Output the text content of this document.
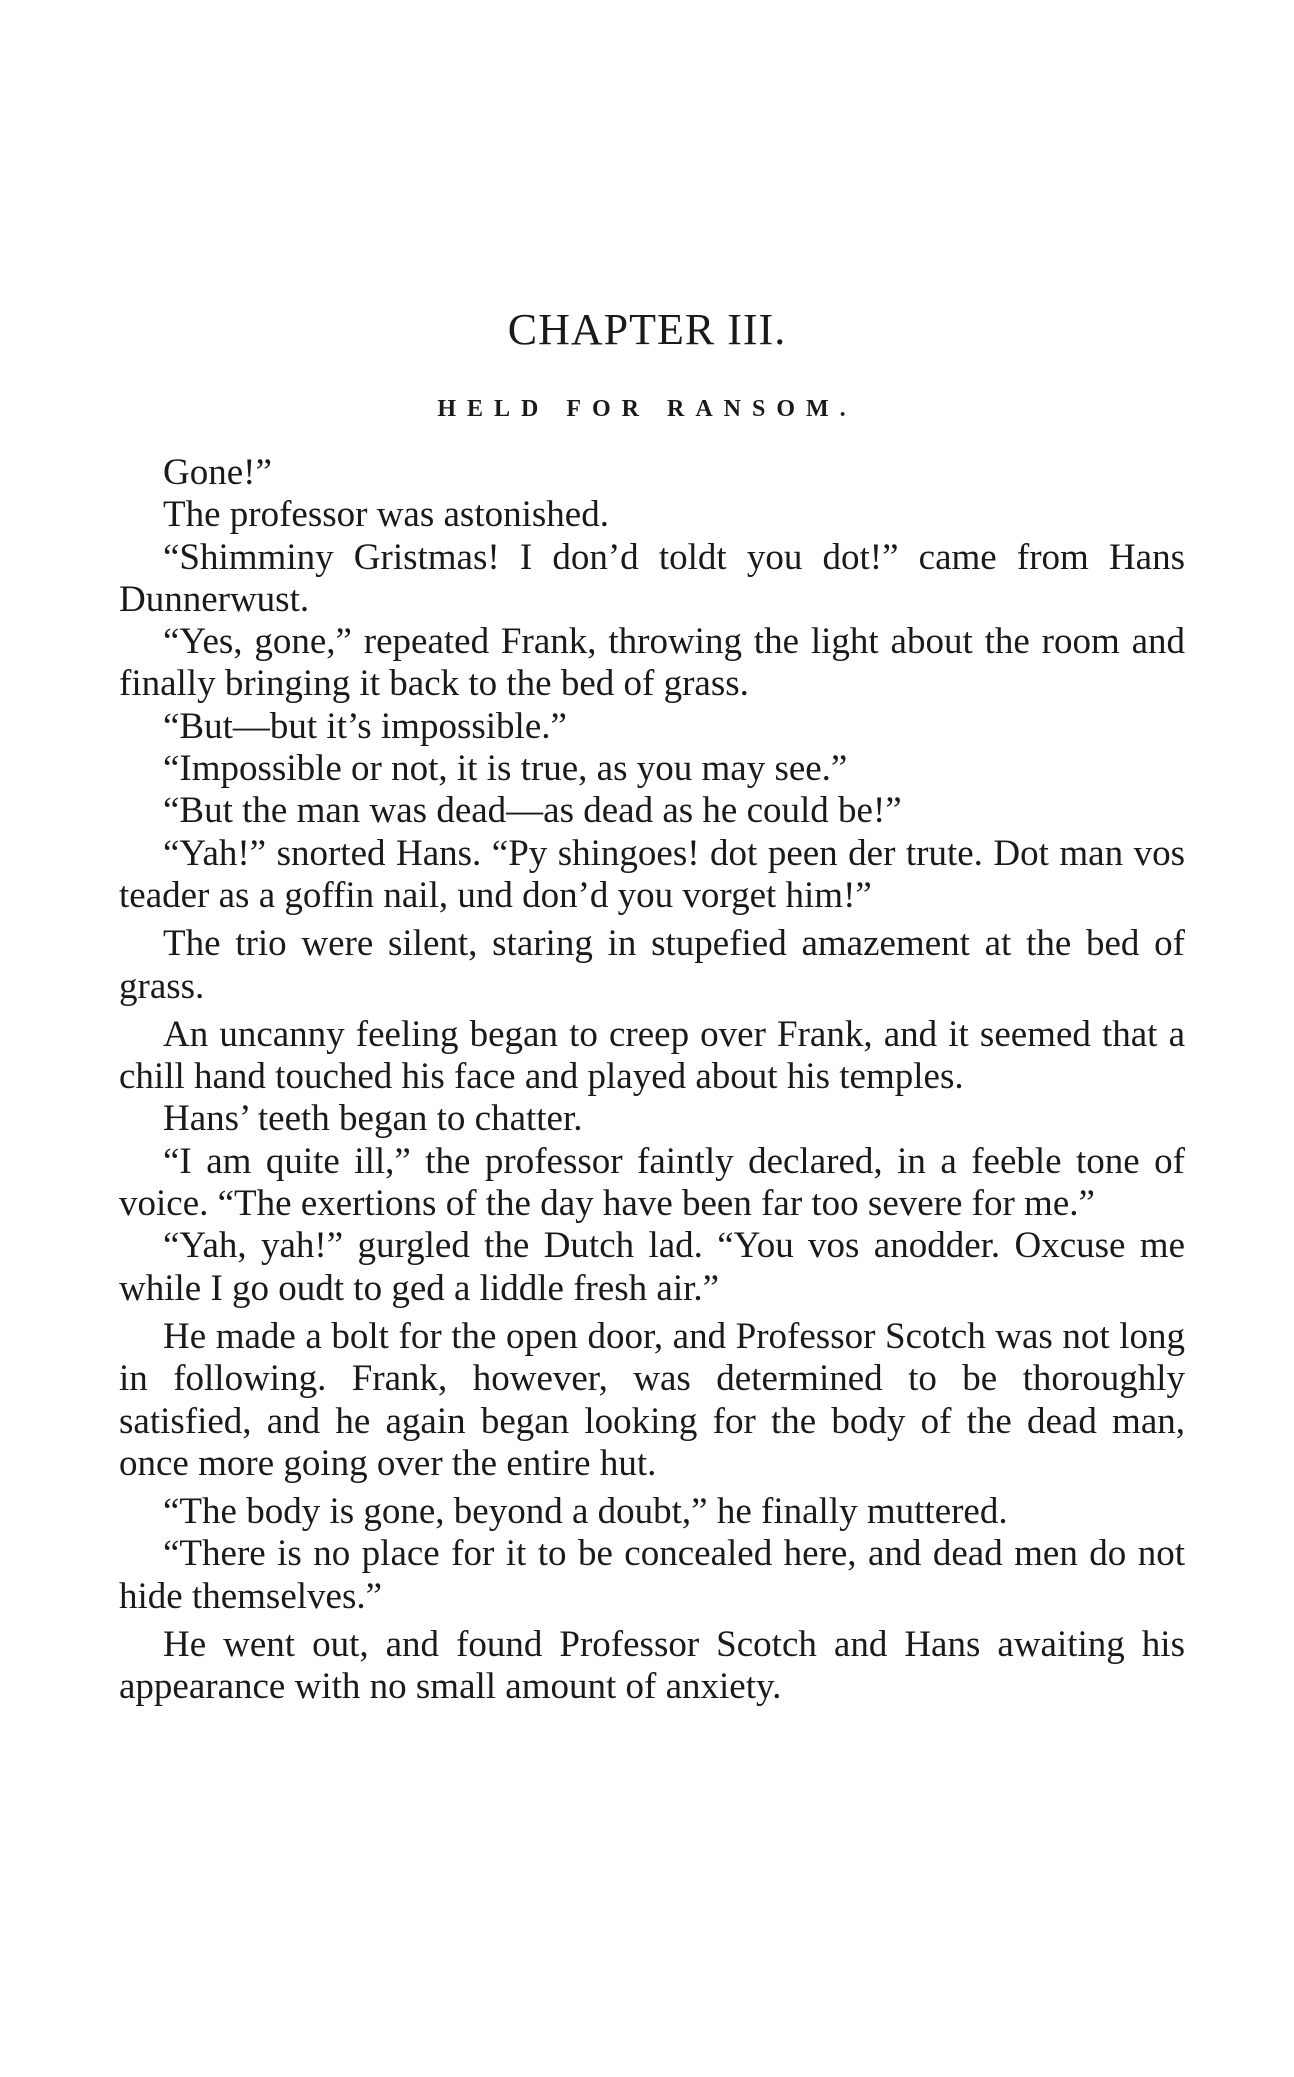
CHAPTER III.
HELD FOR RANSOM.

Gone!”

The professor was astonished.

“Shimminy Gristmas! I don’d toldt you dot!” came from Hans Dunnerwust.

“Yes, gone,” repeated Frank, throwing the light about the room and finally bringing it back to the bed of grass.

“But—but it’s impossible.”

“Impossible or not, it is true, as you may see.”

“But the man was dead—as dead as he could be!”

“Yah!” snorted Hans. “Py shingoes! dot peen der trute. Dot man vos teader as a goffin nail, und don’d you vorget him!”

The trio were silent, staring in stupefied amazement at the bed of grass.

An uncanny feeling began to creep over Frank, and it seemed that a chill hand touched his face and played about his temples.

Hans’ teeth began to chatter.

“I am quite ill,” the professor faintly declared, in a feeble tone of voice. “The exertions of the day have been far too severe for me.”

“Yah, yah!” gurgled the Dutch lad. “You vos anodder. Oxcuse me while I go oudt to ged a liddle fresh air.”

He made a bolt for the open door, and Professor Scotch was not long in following. Frank, however, was determined to be thoroughly satisfied, and he again began looking for the body of the dead man, once more going over the entire hut.

“The body is gone, beyond a doubt,” he finally muttered.

“There is no place for it to be concealed here, and dead men do not hide themselves.”

He went out, and found Professor Scotch and Hans awaiting his appearance with no small amount of anxiety.
